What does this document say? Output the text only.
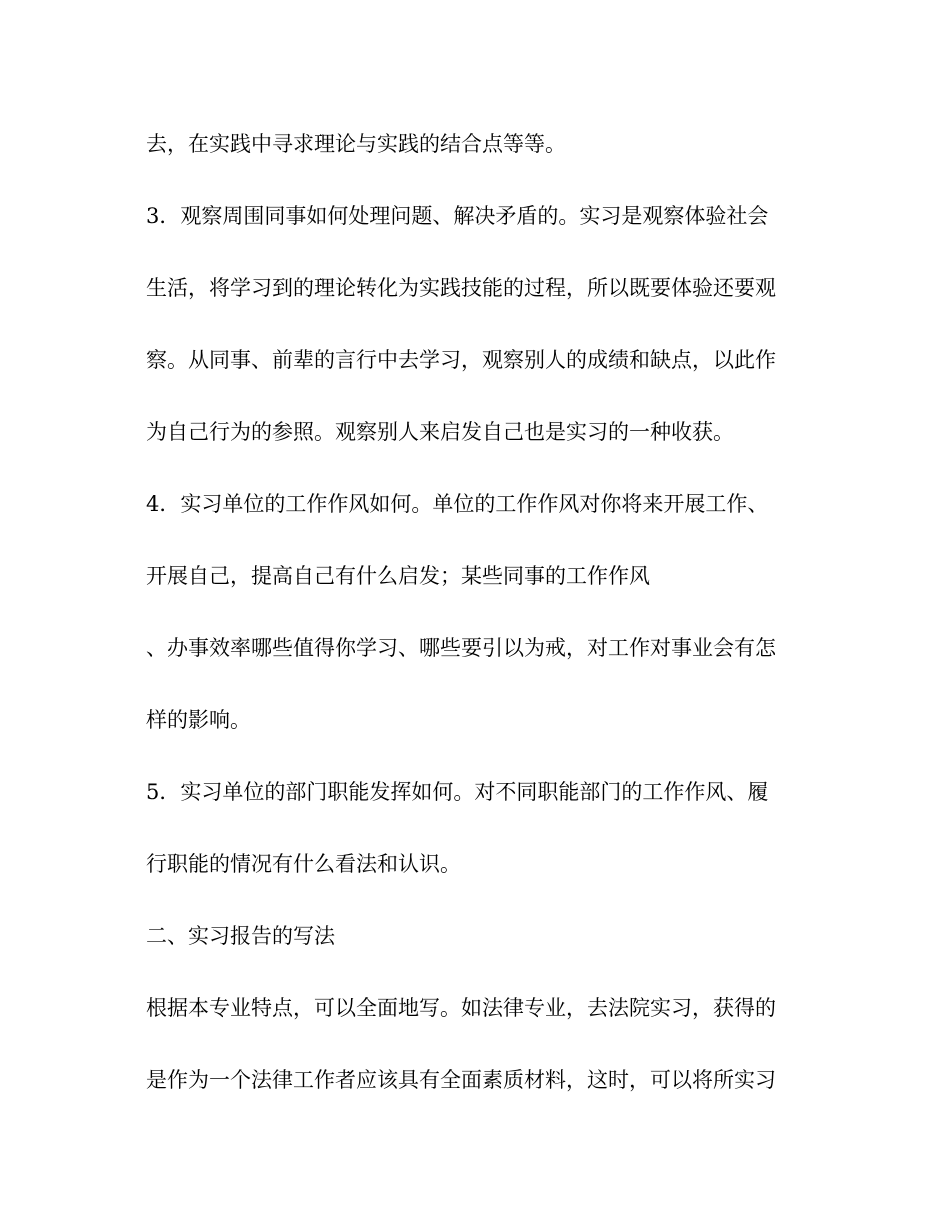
去，在实践中寻求理论与实践的结合点等等。
3．观察周围同事如何处理问题、解决矛盾的。实习是观察体验社会
生活，将学习到的理论转化为实践技能的过程，所以既要体验还要观
察。从同事、前辈的言行中去学习，观察别人的成绩和缺点，以此作
为自己行为的参照。观察别人来启发自己也是实习的一种收获。
4．实习单位的工作作风如何。单位的工作作风对你将来开展工作、
开展自己，提高自己有什么启发；某些同事的工作作风
、办事效率哪些值得你学习、哪些要引以为戒，对工作对事业会有怎
样的影响。
5．实习单位的部门职能发挥如何。对不同职能部门的工作作风、履
行职能的情况有什么看法和认识。
二、实习报告的写法
根据本专业特点，可以全面地写。如法律专业，去法院实习，获得的
是作为一个法律工作者应该具有全面素质材料，这时，可以将所实习
